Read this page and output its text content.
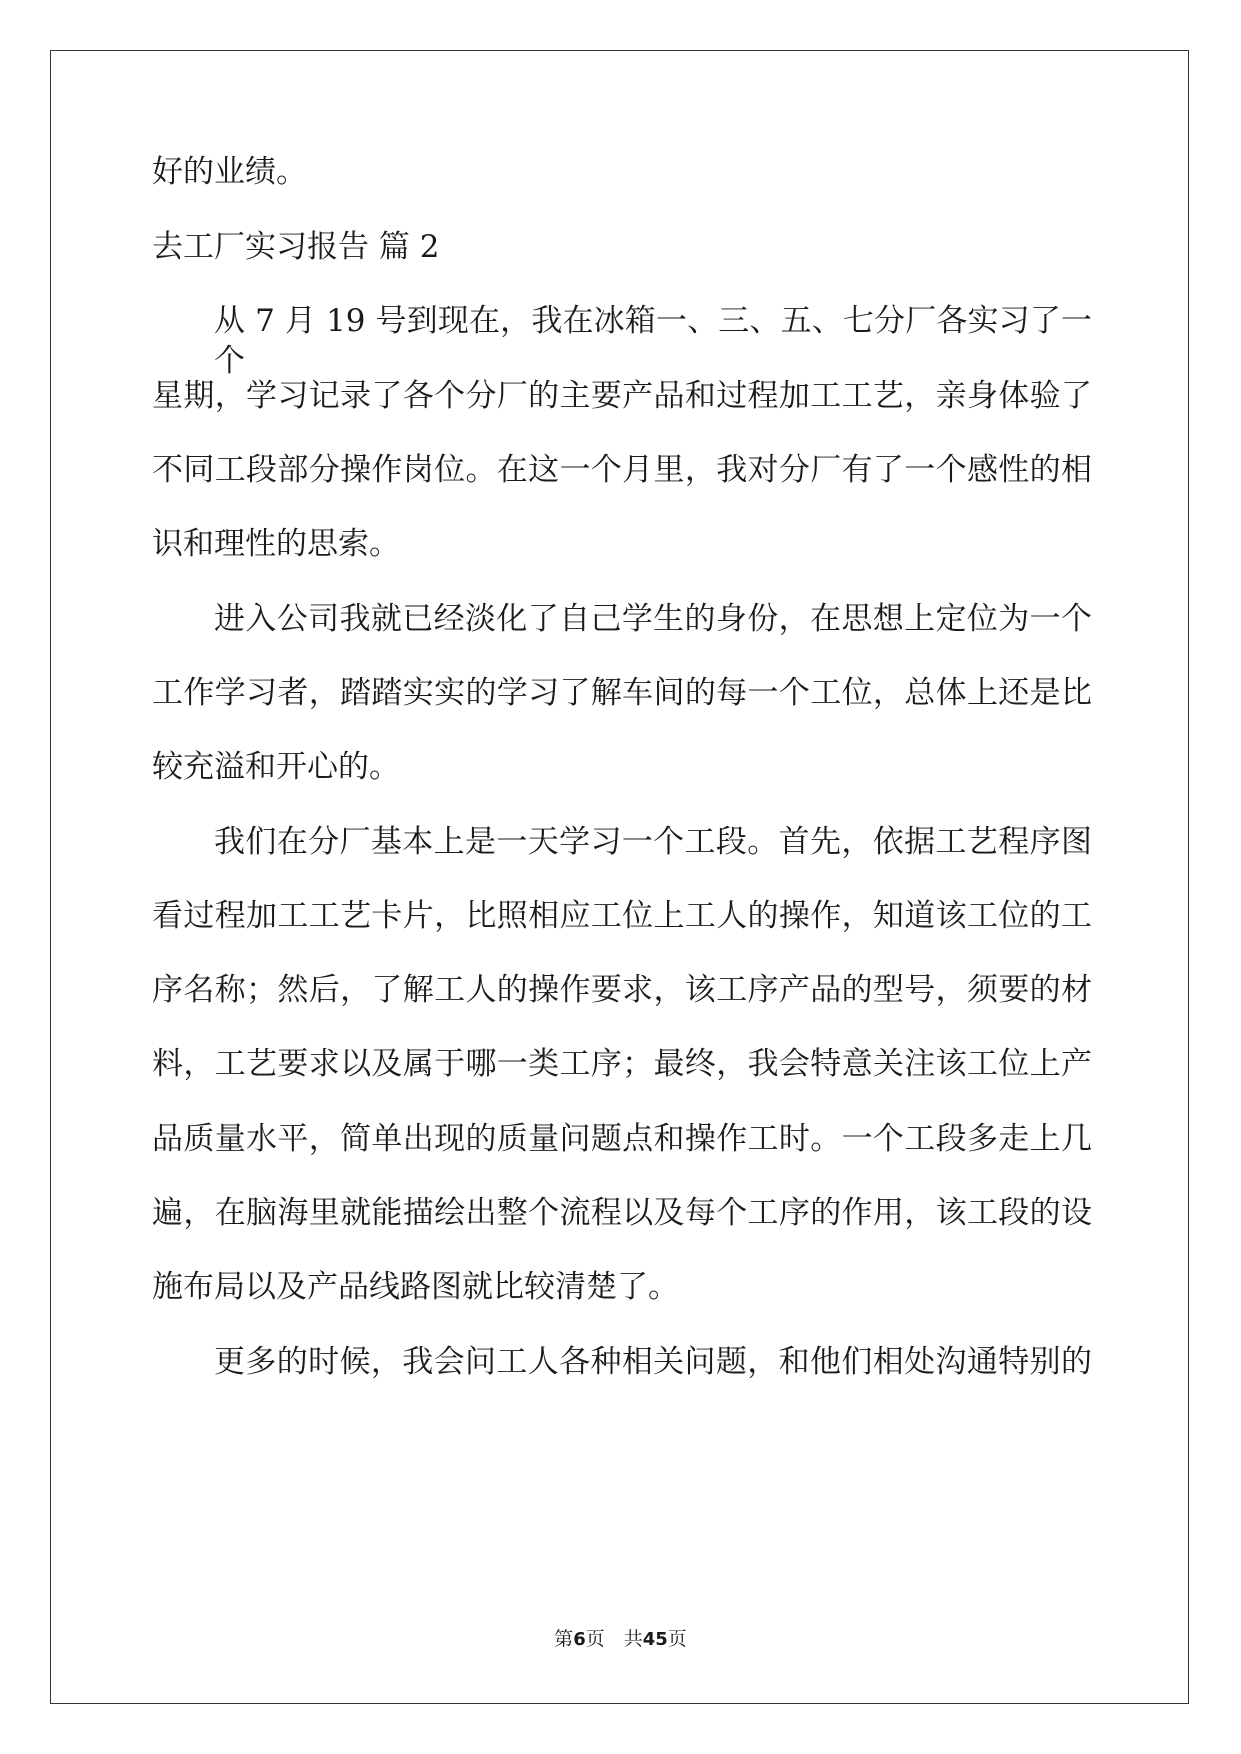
好的业绩。
去工厂实习报告 篇 2
从 7 月 19 号到现在，我在冰箱一、三、五、七分厂各实习了一个
星期，学习记录了各个分厂的主要产品和过程加工工艺，亲身体验了
不同工段部分操作岗位。在这一个月里，我对分厂有了一个感性的相
识和理性的思索。
进入公司我就已经淡化了自己学生的身份，在思想上定位为一个
工作学习者，踏踏实实的学习了解车间的每一个工位，总体上还是比
较充溢和开心的。
我们在分厂基本上是一天学习一个工段。首先，依据工艺程序图
看过程加工工艺卡片，比照相应工位上工人的操作，知道该工位的工
序名称；然后，了解工人的操作要求，该工序产品的型号，须要的材
料，工艺要求以及属于哪一类工序；最终，我会特意关注该工位上产
品质量水平，简单出现的质量问题点和操作工时。一个工段多走上几
遍，在脑海里就能描绘出整个流程以及每个工序的作用，该工段的设
施布局以及产品线路图就比较清楚了。
更多的时候，我会问工人各种相关问题，和他们相处沟通特别的
第6页　共45页
